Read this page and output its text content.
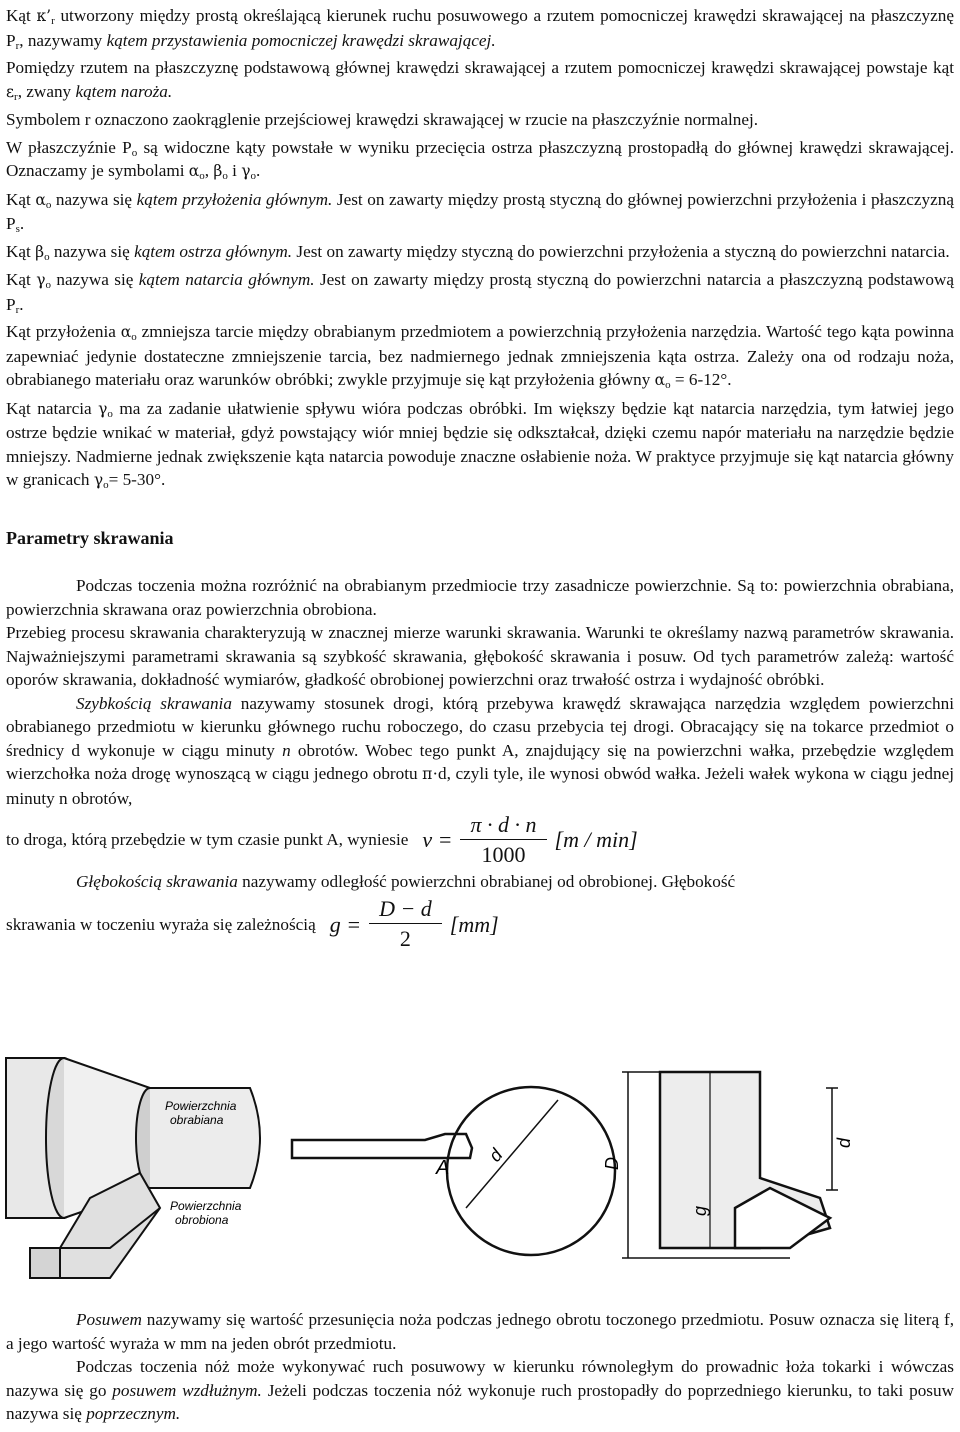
Kąt $\kappa’_r$ utworzony między prostą określającą kierunek ruchu posuwowego a rzutem pomocniczej krawędzi skrawającej na płaszczyznę $P_r$, nazywamy kątem przystawienia pomocniczej krawędzi skrawającej.

Pomiędzy rzutem na płaszczyznę podstawową głównej krawędzi skrawającej a rzutem pomocniczej krawędzi skrawającej powstaje kąt $\varepsilon_r$, zwany kątem naroża.

Symbolem r oznaczono zaokrąglenie przejściowej krawędzi skrawającej w rzucie na płaszczyźnie normalnej.

W płaszczyźnie $P_o$ są widoczne kąty powstałe w wyniku przecięcia ostrza płaszczyzną prostopadłą do głównej krawędzi skrawającej. Oznaczamy je symbolami $\alpha_o$, $\beta_o$ i $\gamma_o$.

Kąt $\alpha_o$ nazywa się kątem przyłożenia głównym. Jest on zawarty między prostą styczną do głównej powierzchni przyłożenia i płaszczyzną $P_s$.

Kąt $\beta_o$ nazywa się kątem ostrza głównym. Jest on zawarty między styczną do powierzchni przyłożenia a styczną do powierzchni natarcia.

Kąt $\gamma_o$ nazywa się kątem natarcia głównym. Jest on zawarty między prostą styczną do powierzchni natarcia a płaszczyzną podstawową $P_r$.

Kąt przyłożenia $\alpha_o$ zmniejsza tarcie między obrabianym przedmiotem a powierzchnią przyłożenia narzędzia. Wartość tego kąta powinna zapewniać jedynie dostateczne zmniejszenie tarcia, bez nadmiernego jednak zmniejszenia kąta ostrza. Zależy ona od rodzaju noża, obrabianego materiału oraz warunków obróbki; zwykle przyjmuje się kąt przyłożenia główny $\alpha_o = 6-12^\circ$.

Kąt natarcia $\gamma_o$ ma za zadanie ułatwienie spływu wióra podczas obróbki. Im większy będzie kąt natarcia narzędzia, tym łatwiej jego ostrze będzie wnikać w materiał, gdyż powstający wiór mniej będzie się odkształcał, dzięki czemu napór materiału na narzędzie będzie mniejszy. Nadmierne jednak zwiększenie kąta natarcia powoduje znaczne osłabienie noża. W praktyce przyjmuje się kąt natarcia główny w granicach $\gamma_o= 5-30^\circ$.

Parametry skrawania

Podczas toczenia można rozróżnić na obrabianym przedmiocie trzy zasadnicze powierzchnie. Są to: powierzchnia obrabiana, powierzchnia skrawana oraz powierzchnia obrobiona.

Przebieg procesu skrawania charakteryzują w znacznej mierze warunki skrawania. Warunki te określamy nazwą parametrów skrawania. Najważniejszymi parametrami skrawania są szybkość skrawania, głębokość skrawania i posuw. Od tych parametrów zależą: wartość oporów skrawania, dokładność wymiarów, gładkość obrobionej powierzchni oraz trwałość ostrza i wydajność obróbki.

Szybkością skrawania nazywamy stosunek drogi, którą przebywa krawędź skrawająca narzędzia względem powierzchni obrabianego przedmiotu w kierunku głównego ruchu roboczego, do czasu przebycia tej drogi. Obracający się na tokarce przedmiot o średnicy d wykonuje w ciągu minuty n obrotów. Wobec tego punkt A, znajdujący się na powierzchni wałka, przebędzie względem wierzchołka noża drogę wynoszącą w ciągu jednego obrotu π·d, czyli tyle, ile wynosi obwód wałka. Jeżeli wałek wykona w ciągu jednej minuty n obrotów,

to droga, którą przebędzie w tym czasie punkt A, wyniesie $v = \frac{\pi \cdot d \cdot n}{1000} [m / \min]$

Głębokością skrawania nazywamy odległość powierzchni obrabianej od obrobionej. Głębokość

skrawania w toczeniu wyraża się zależnością $g = \frac{D - d}{2} [mm]$
Powierzchnia
obrobiona
Powierzchnia
obrabiana
A
d	D
g
d

Posuwem nazywamy się wartość przesunięcia noża podczas jednego obrotu toczonego przedmiotu. Posuw oznacza się literą f, a jego wartość wyraża w mm na jeden obrót przedmiotu.

Podczas toczenia nóż może wykonywać ruch posuwowy w kierunku równoległym do prowadnic łoża tokarki i wówczas nazywa się go posuwem wzdłużnym. Jeżeli podczas toczenia nóż wykonuje ruch prostopadły do poprzedniego kierunku, to taki posuw nazywa się poprzecznym.
